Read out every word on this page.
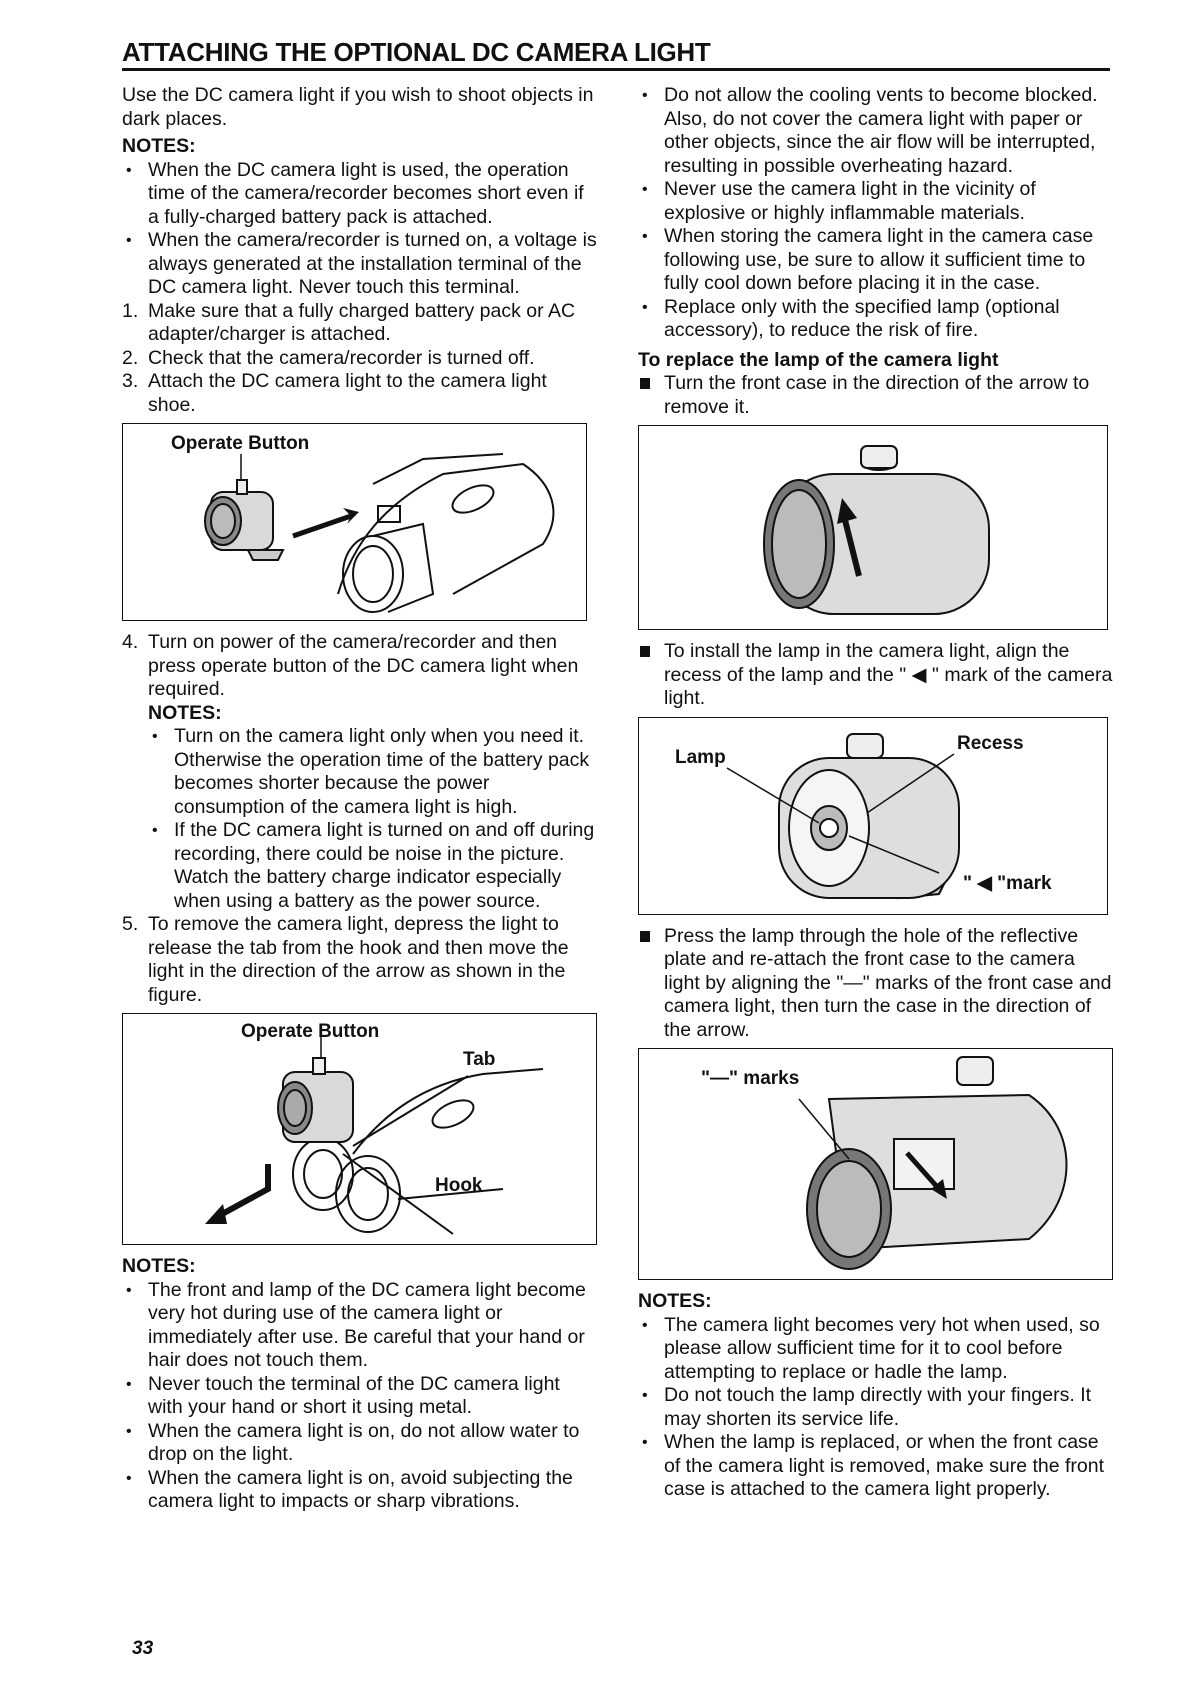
ATTACHING THE OPTIONAL DC CAMERA LIGHT

Use the DC camera light if you wish to shoot objects in dark places.

NOTES:

• When the DC camera light is used, the operation time of the camera/recorder becomes short even if a fully-charged battery pack is attached.
• When the camera/recorder is turned on, a voltage is always generated at the installation terminal of the DC camera light. Never touch this terminal.
1. Make sure that a fully charged battery pack or AC adapter/charger is attached.
2. Check that the camera/recorder is turned off.
3. Attach the DC camera light to the camera light shoe.
Operate Button
4. Turn on power of the camera/recorder and then press operate button of the DC camera light when required.

NOTES:

• Turn on the camera light only when you need it. Otherwise the operation time of the battery pack becomes shorter because the power consumption of the camera light is high.
• If the DC camera light is turned on and off during recording, there could be noise in the picture. Watch the battery charge indicator especially when using a battery as the power source.
5. To remove the camera light, depress the light to release the tab from the hook and then move the light in the direction of the arrow as shown in the figure.
Operate Button
Tab
Hook

NOTES:

• The front and lamp of the DC camera light become very hot during use of the camera light or immediately after use. Be careful that your hand or hair does not touch them.
• Never touch the terminal of the DC camera light with your hand or short it using metal.
• When the camera light is on, do not allow water to drop on the light.
• When the camera light is on, avoid subjecting the camera light to impacts or sharp vibrations.
• Do not allow the cooling vents to become blocked. Also, do not cover the camera light with paper or other objects, since the air flow will be interrupted, resulting in possible overheating hazard.
• Never use the camera light in the vicinity of explosive or highly inflammable materials.
• When storing the camera light in the camera case following use, be sure to allow it sufficient time to fully cool down before placing it in the case.
• Replace only with the specified lamp (optional accessory), to reduce the risk of fire.

To replace the lamp of the camera light

Turn the front case in the direction of the arrow to remove it.

To install the lamp in the camera light, align the recess of the lamp and the " ◀ " mark of the camera light.

Lamp
Recess
" ◀ "mark

Press the lamp through the hole of the reflective plate and re-attach the front case to the camera light by aligning the "—" marks of the front case and camera light, then turn the case in the direction of the arrow.

"—" marks

NOTES:

• The camera light becomes very hot when used, so please allow sufficient time for it to cool before attempting to replace or hadle the lamp.
• Do not touch the lamp directly with your fingers. It may shorten its service life.
• When the lamp is replaced, or when the front case of the camera light is removed, make sure the front case is attached to the camera light properly.
33
